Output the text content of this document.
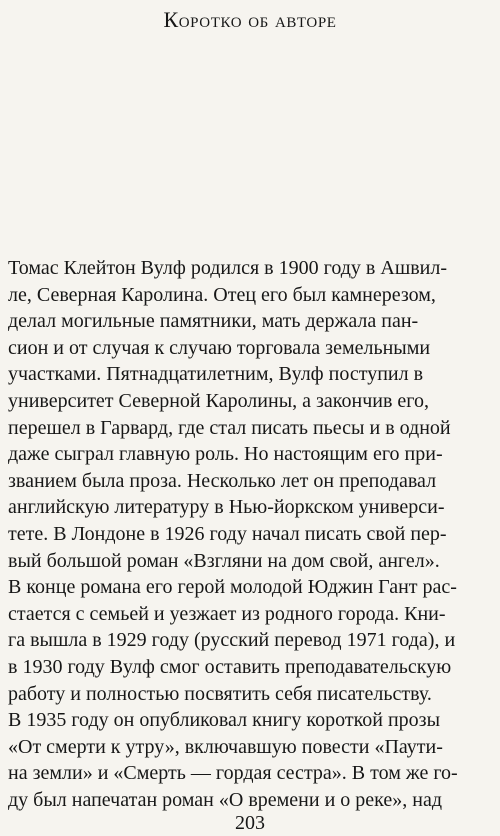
Коротко об авторе
Томас Клейтон Вулф родился в 1900 году в Ашвил-
ле, Северная Каролина. Отец его был камнерезом,
делал могильные памятники, мать держала пан-
сион и от случая к случаю торговала земельными
участками. Пятнадцатилетним, Вулф поступил в
университет Северной Каролины, а закончив его,
перешел в Гарвард, где стал писать пьесы и в одной
даже сыграл главную роль. Но настоящим его при-
званием была проза. Несколько лет он преподавал
английскую литературу в Нью-йоркском универси-
тете. В Лондоне в 1926 году начал писать свой пер-
вый большой роман «Взгляни на дом свой, ангел».
В конце романа его герой молодой Юджин Гант рас-
стается с семьей и уезжает из родного города. Кни-
га вышла в 1929 году (русский перевод 1971 года), и
в 1930 году Вулф смог оставить преподавательскую
работу и полностью посвятить себя писательству.
В 1935 году он опубликовал книгу короткой прозы
«От смерти к утру», включавшую повести «Паути-
на земли» и «Смерть — гордая сестра». В том же го-
ду был напечатан роман «О времени и о реке», над
203
